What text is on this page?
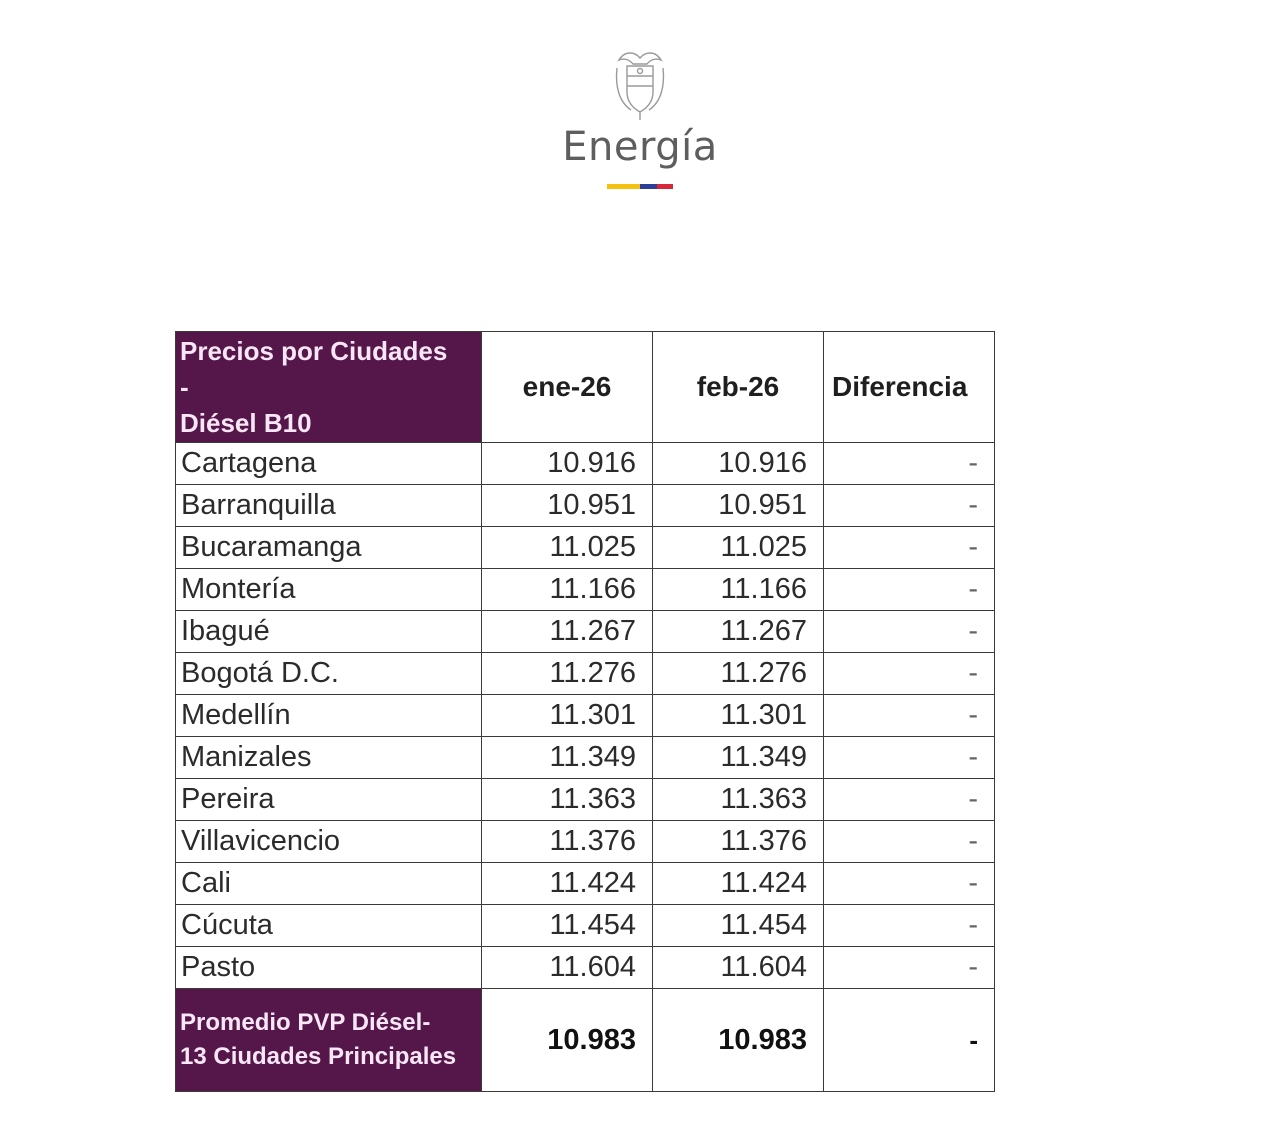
Energía
Precios por Ciudades
-
Diésel B10	ene-26	feb-26	Diferencia
Cartagena	10.916	10.916	-
Barranquilla	10.951	10.951	-
Bucaramanga	11.025	11.025	-
Montería	11.166	11.166	-
Ibagué	11.267	11.267	-
Bogotá D.C.	11.276	11.276	-
Medellín	11.301	11.301	-
Manizales	11.349	11.349	-
Pereira	11.363	11.363	-
Villavicencio	11.376	11.376	-
Cali	11.424	11.424	-
Cúcuta	11.454	11.454	-
Pasto	11.604	11.604	-

Promedio PVP Diésel-
13 Ciudades Principales	10.983	10.983	-
